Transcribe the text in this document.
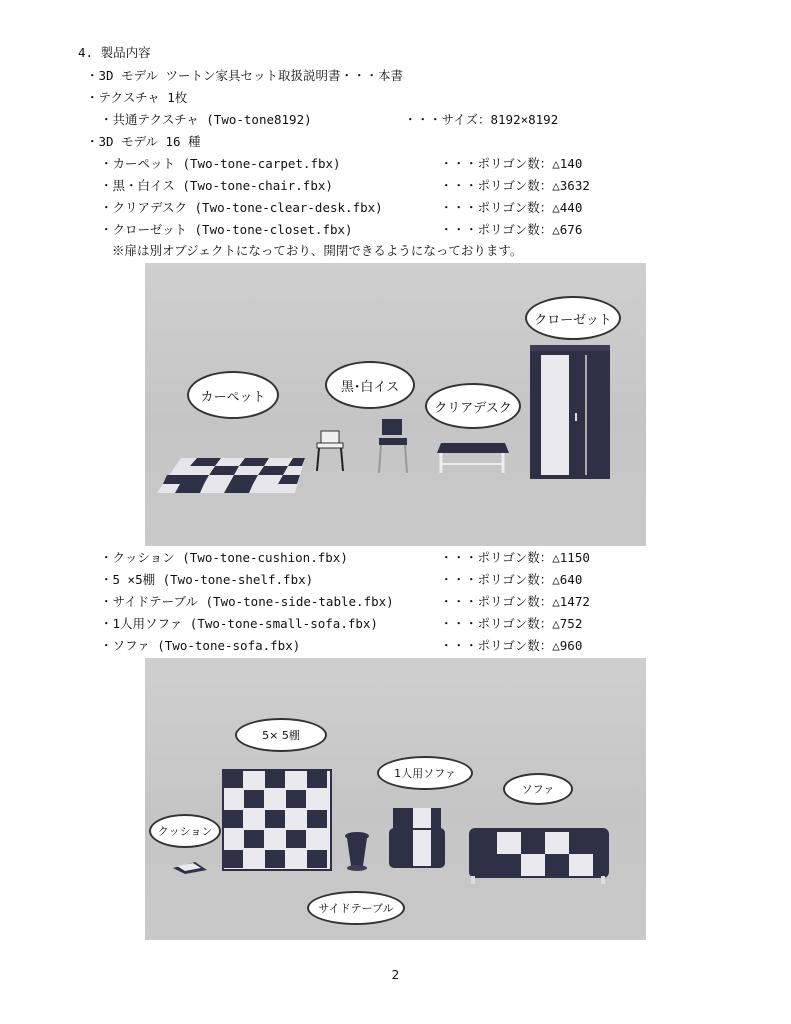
4. 製品内容
・3D モデル ツートン家具セット取扱説明書・・・本書
・テクスチャ 1枚
・共通テクスチャ (Two-tone8192)	・・・サイズ：8192×8192
・3D モデル 16 種
・カーペット (Two-tone-carpet.fbx)	・・・ポリゴン数：△140
・黒・白イス (Two-tone-chair.fbx)	・・・ポリゴン数：△3632
・クリアデスク (Two-tone-clear-desk.fbx)	・・・ポリゴン数：△440
・クローゼット (Two-tone-closet.fbx)	・・・ポリゴン数：△676
※扉は別オブジェクトになっており、開閉できるようになっております。
カーペット
黒･白イス
クリアデスク
クローゼット
・クッション (Two-tone-cushion.fbx)	・・・ポリゴン数：△1150
・5 ×5棚 (Two-tone-shelf.fbx)	・・・ポリゴン数：△640
・サイドテーブル (Two-tone-side-table.fbx)	・・・ポリゴン数：△1472
・1人用ソファ (Two-tone-small-sofa.fbx)	・・・ポリゴン数：△752
・ソファ (Two-tone-sofa.fbx)	・・・ポリゴン数：△960
5× 5棚
1人用ソファ
ソファ
クッション
サイドテーブル
2
